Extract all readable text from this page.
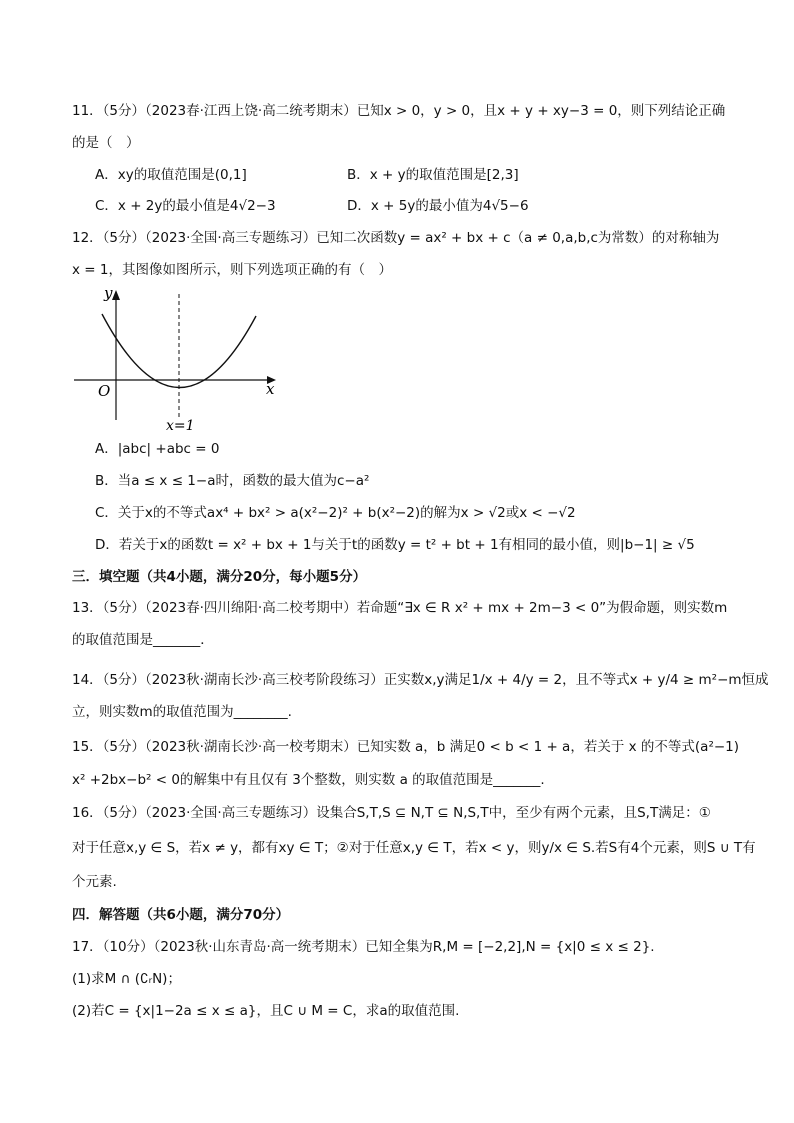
11．（5分）（2023春·江西上饶·高二统考期末）已知x > 0，y > 0，且x + y + xy−3 = 0，则下列结论正确
的是（　）
A．xy的取值范围是(0,1]	B．x + y的取值范围是[2,3]
C．x + 2y的最小值是4√2−3	D．x + 5y的最小值为4√5−6
12．（5分）（2023·全国·高三专题练习）已知二次函数y = ax² + bx + c（a ≠ 0,a,b,c为常数）的对称轴为
x = 1，其图像如图所示，则下列选项正确的有（　）
y
x
O
x=1
A．|abc| +abc = 0
B．当a ≤ x ≤ 1−a时，函数的最大值为c−a²
C．关于x的不等式ax⁴ + bx² > a(x²−2)² + b(x²−2)的解为x > √2或x < −√2
D．若关于x的函数t = x² + bx + 1与关于t的函数y = t² + bt + 1有相同的最小值，则|b−1| ≥ √5
三．填空题（共4小题，满分20分，每小题5分）
13．（5分）（2023春·四川绵阳·高二校考期中）若命题“∃x ∈ R x² + mx + 2m−3 < 0”为假命题，则实数m
的取值范围是_______．
14．（5分）（2023秋·湖南长沙·高三校考阶段练习）正实数x,y满足1/x + 4/y = 2，且不等式x + y/4 ≥ m²−m恒成
立，则实数m的取值范围为________.
15．（5分）（2023秋·湖南长沙·高一校考期末）已知实数 a，b 满足0 < b < 1 + a，若关于 x 的不等式(a²−1)
x² +2bx−b² < 0的解集中有且仅有 3个整数，则实数 a 的取值范围是_______.
16．（5分）（2023·全国·高三专题练习）设集合S,T,S ⊆ N,T ⊆ N,S,T中，至少有两个元素，且S,T满足：①
对于任意x,y ∈ S，若x ≠ y，都有xy ∈ T；②对于任意x,y ∈ T，若x < y，则y/x ∈ S.若S有4个元素，则S ∪ T有
个元素.
四．解答题（共6小题，满分70分）
17．（10分）（2023秋·山东青岛·高一统考期末）已知全集为R,M = [−2,2],N = {x|0 ≤ x ≤ 2}.
(1)求M ∩ (∁ᵣN)；
(2)若C = {x|1−2a ≤ x ≤ a}，且C ∪ M = C，求a的取值范围.
